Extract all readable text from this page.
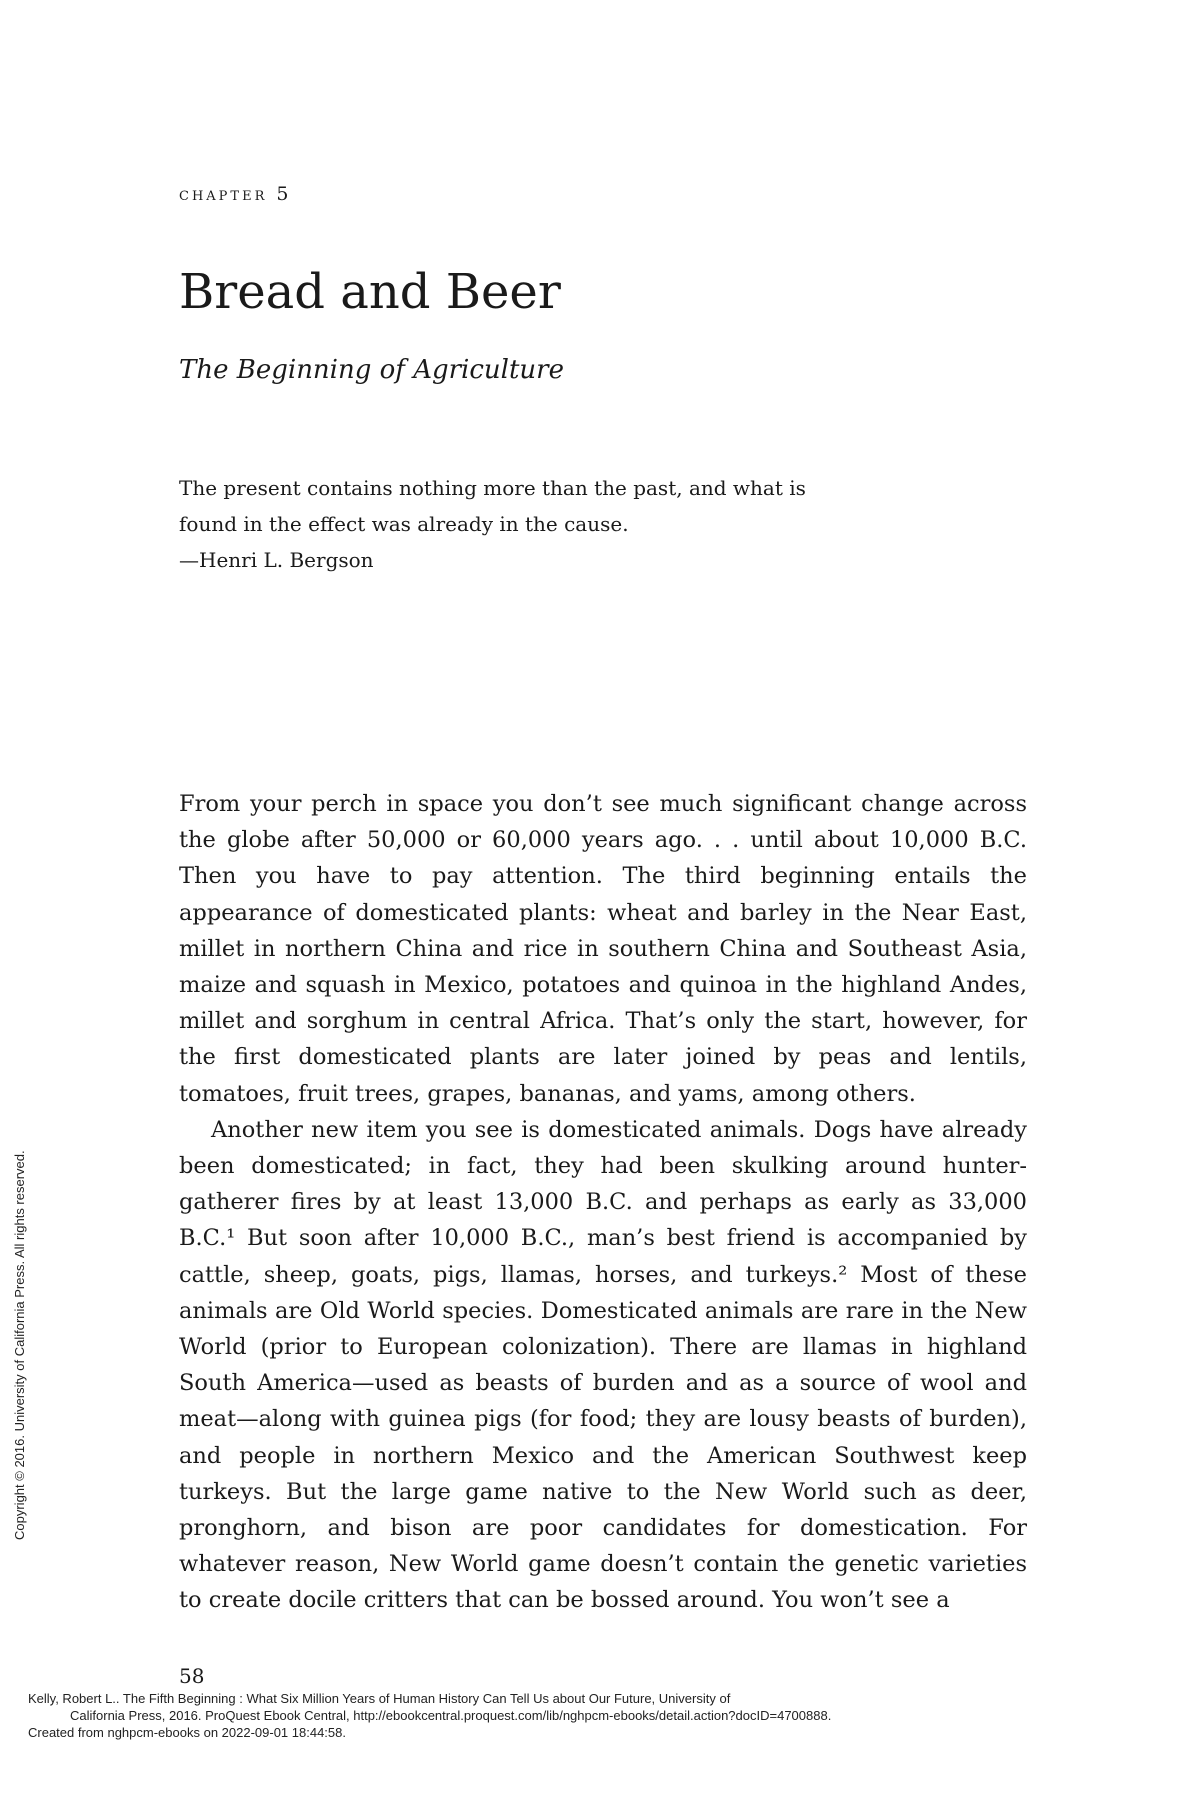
chapter 5
Bread and Beer
The Beginning of Agriculture

The present contains nothing more than the past, and what is found in the effect was already in the cause.

—Henri L. Bergson

From your perch in space you don’t see much significant change across the globe after 50,000 or 60,000 years ago. . . until about 10,000 B.C. Then you have to pay attention. The third beginning entails the appearance of domesticated plants: wheat and barley in the Near East, millet in northern China and rice in southern China and Southeast Asia, maize and squash in Mexico, potatoes and quinoa in the highland Andes, millet and sorghum in central Africa. That’s only the start, however, for the first domesticated plants are later joined by peas and lentils, tomatoes, fruit trees, grapes, bananas, and yams, among others.

Another new item you see is domesticated animals. Dogs have already been domesticated; in fact, they had been skulking around hunter-gatherer fires by at least 13,000 B.C. and perhaps as early as 33,000 B.C.¹ But soon after 10,000 B.C., man’s best friend is accompanied by cattle, sheep, goats, pigs, llamas, horses, and turkeys.² Most of these animals are Old World species. Domesticated animals are rare in the New World (prior to European colonization). There are llamas in highland South America—used as beasts of burden and as a source of wool and meat—along with guinea pigs (for food; they are lousy beasts of burden), and people in northern Mexico and the American Southwest keep turkeys. But the large game native to the New World such as deer, pronghorn, and bison are poor candidates for domestication. For whatever reason, New World game doesn’t contain the genetic varieties to create docile critters that can be bossed around. You won’t see a

58
Copyright © 2016. University of California Press. All rights reserved.
Kelly, Robert L.. The Fifth Beginning : What Six Million Years of Human History Can Tell Us about Our Future, University of
California Press, 2016. ProQuest Ebook Central, http://ebookcentral.proquest.com/lib/nghpcm-ebooks/detail.action?docID=4700888.
Created from nghpcm-ebooks on 2022-09-01 18:44:58.
